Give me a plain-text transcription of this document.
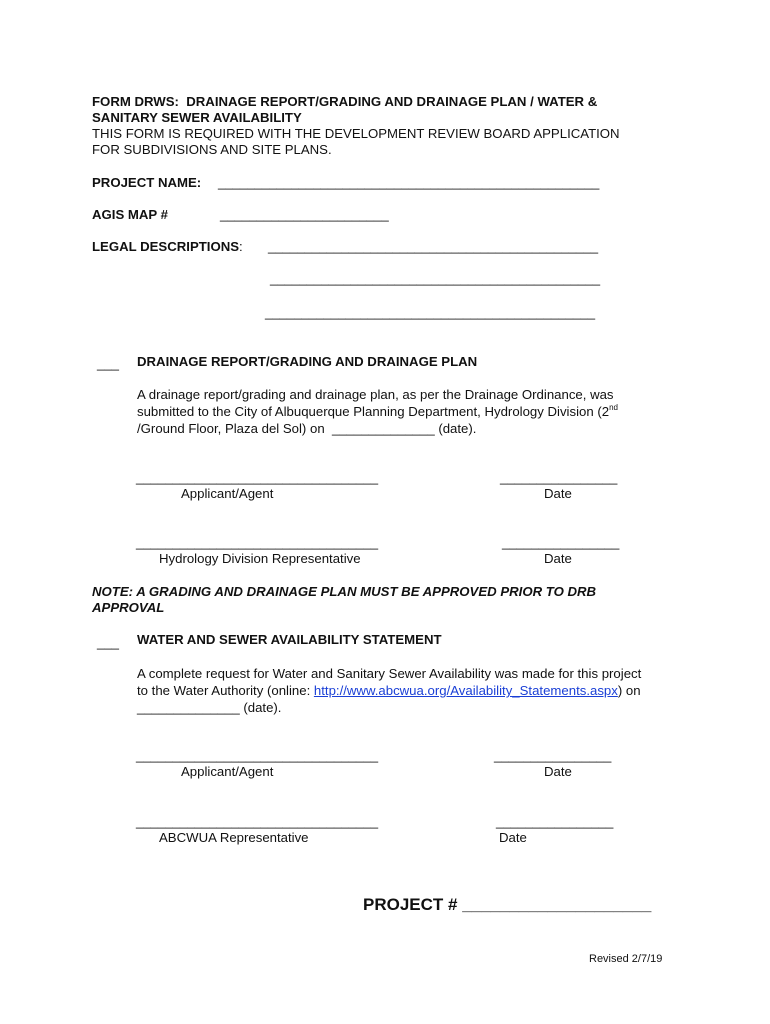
FORM DRWS:  DRAINAGE REPORT/GRADING AND DRAINAGE PLAN / WATER &
SANITARY SEWER AVAILABILITY
THIS FORM IS REQUIRED WITH THE DEVELOPMENT REVIEW BOARD APPLICATION
FOR SUBDIVISIONS AND SITE PLANS.
PROJECT NAME: ____________________________________________________
AGIS MAP #	_______________________
LEGAL DESCRIPTIONS: _____________________________________________
_____________________________________________
_____________________________________________
___ DRAINAGE REPORT/GRADING AND DRAINAGE PLAN
A drainage report/grading and drainage plan, as per the Drainage Ordinance, was
submitted to the City of Albuquerque Planning Department, Hydrology Division (2nd
/Ground Floor, Plaza del Sol) on  ______________ (date).
_________________________________
Applicant/Agent
________________
Date
_________________________________
Hydrology Division Representative
________________
Date
NOTE: A GRADING AND DRAINAGE PLAN MUST BE APPROVED PRIOR TO DRB
APPROVAL
___ WATER AND SEWER AVAILABILITY STATEMENT
A complete request for Water and Sanitary Sewer Availability was made for this project
to the Water Authority (online: http://www.abcwua.org/Availability_Statements.aspx) on
______________ (date).
_________________________________
Applicant/Agent
________________
Date
_________________________________
ABCWUA Representative
________________
Date
PROJECT # ____________________
Revised 2/7/19
